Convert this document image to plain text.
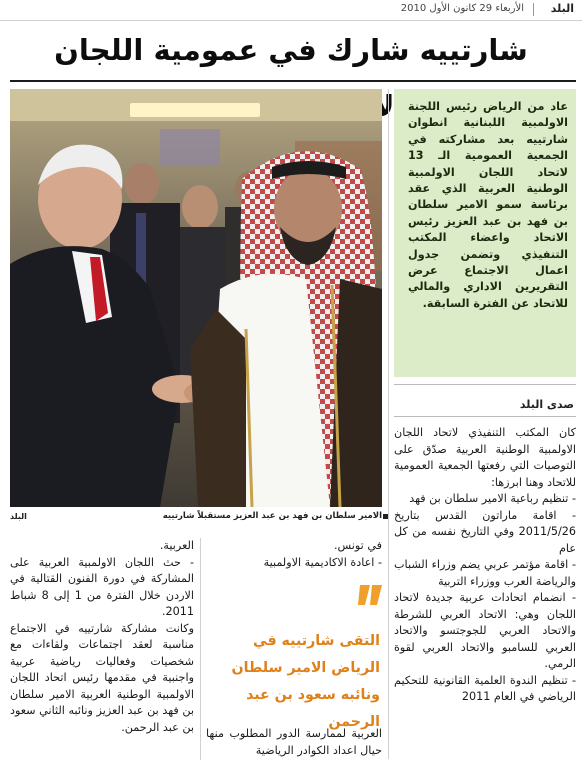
البلد
الأربعاء 29 كانون الأول 2010
شارتييه شارك في عمومية اللجان
الامير سلطان بن فهد بن عبد العزيز مستقبلاً شارتييه
البلد
عاد من الرياض رئيس اللجنة الاولمبية اللبنانية انطوان شارتييه بعد مشاركته في الجمعية العمومية الـ 13 لاتحاد اللجان الاولمبية الوطنية العربية الذي عقد برئاسة سمو الامير سلطان بن فهد بن عبد العزيز رئيس الاتحاد واعضاء المكتب التنفيذي وتضمن جدول اعمال الاجتماع عرض التقريرين الاداري والمالي للاتحاد عن الفترة السابقة.
صدى البلد

كان المكتب التنفيذي لاتحاد اللجان الاولمبية الوطنية العربية صدّق على التوصيات التي رفعتها الجمعية العمومية للاتحاد وهنا ابرزها:

- تنظيم رباعية الامير سلطان بن فهد

- اقامة ماراتون القدس بتاريخ 2011/5/26 وفي التاريخ نفسه من كل عام

- اقامة مؤتمر عربي يضم وزراء الشباب والرياضة العرب ووزراء التربية

- انضمام اتحادات عربية جديدة لاتحاد اللجان وهي: الاتحاد العربي للشرطة والاتحاد العربي للجوجتسو والاتحاد العربي للسامبو والاتحاد العربي لقوة الرمي.

- تنظيم الندوة العلمية القانونية للتحكيم الرياضي في العام 2011

في تونس.

- اعادة الاكاديمية الاولمبية

التقى شارتييه في الرياض الامير سلطان ونائبه سعود بن عبد الرحمن
العربية لممارسة الدور المطلوب منها حيال اعداد الكوادر الرياضية

العربية.

- حث اللجان الاولمبية العربية على المشاركة في دورة الفنون القتالية في الاردن خلال الفترة من 1 إلى 8 شباط 2011.

وكانت مشاركة شارتييه في الاجتماع مناسبة لعقد اجتماعات ولقاءات مع شخصيات وفعاليات رياضية عربية واجنبية في مقدمها رئيس اتحاد اللجان الاولمبية الوطنية العربية الامير سلطان بن فهد بن عبد العزيز ونائبه الثاني سعود بن عبد الرحمن.
